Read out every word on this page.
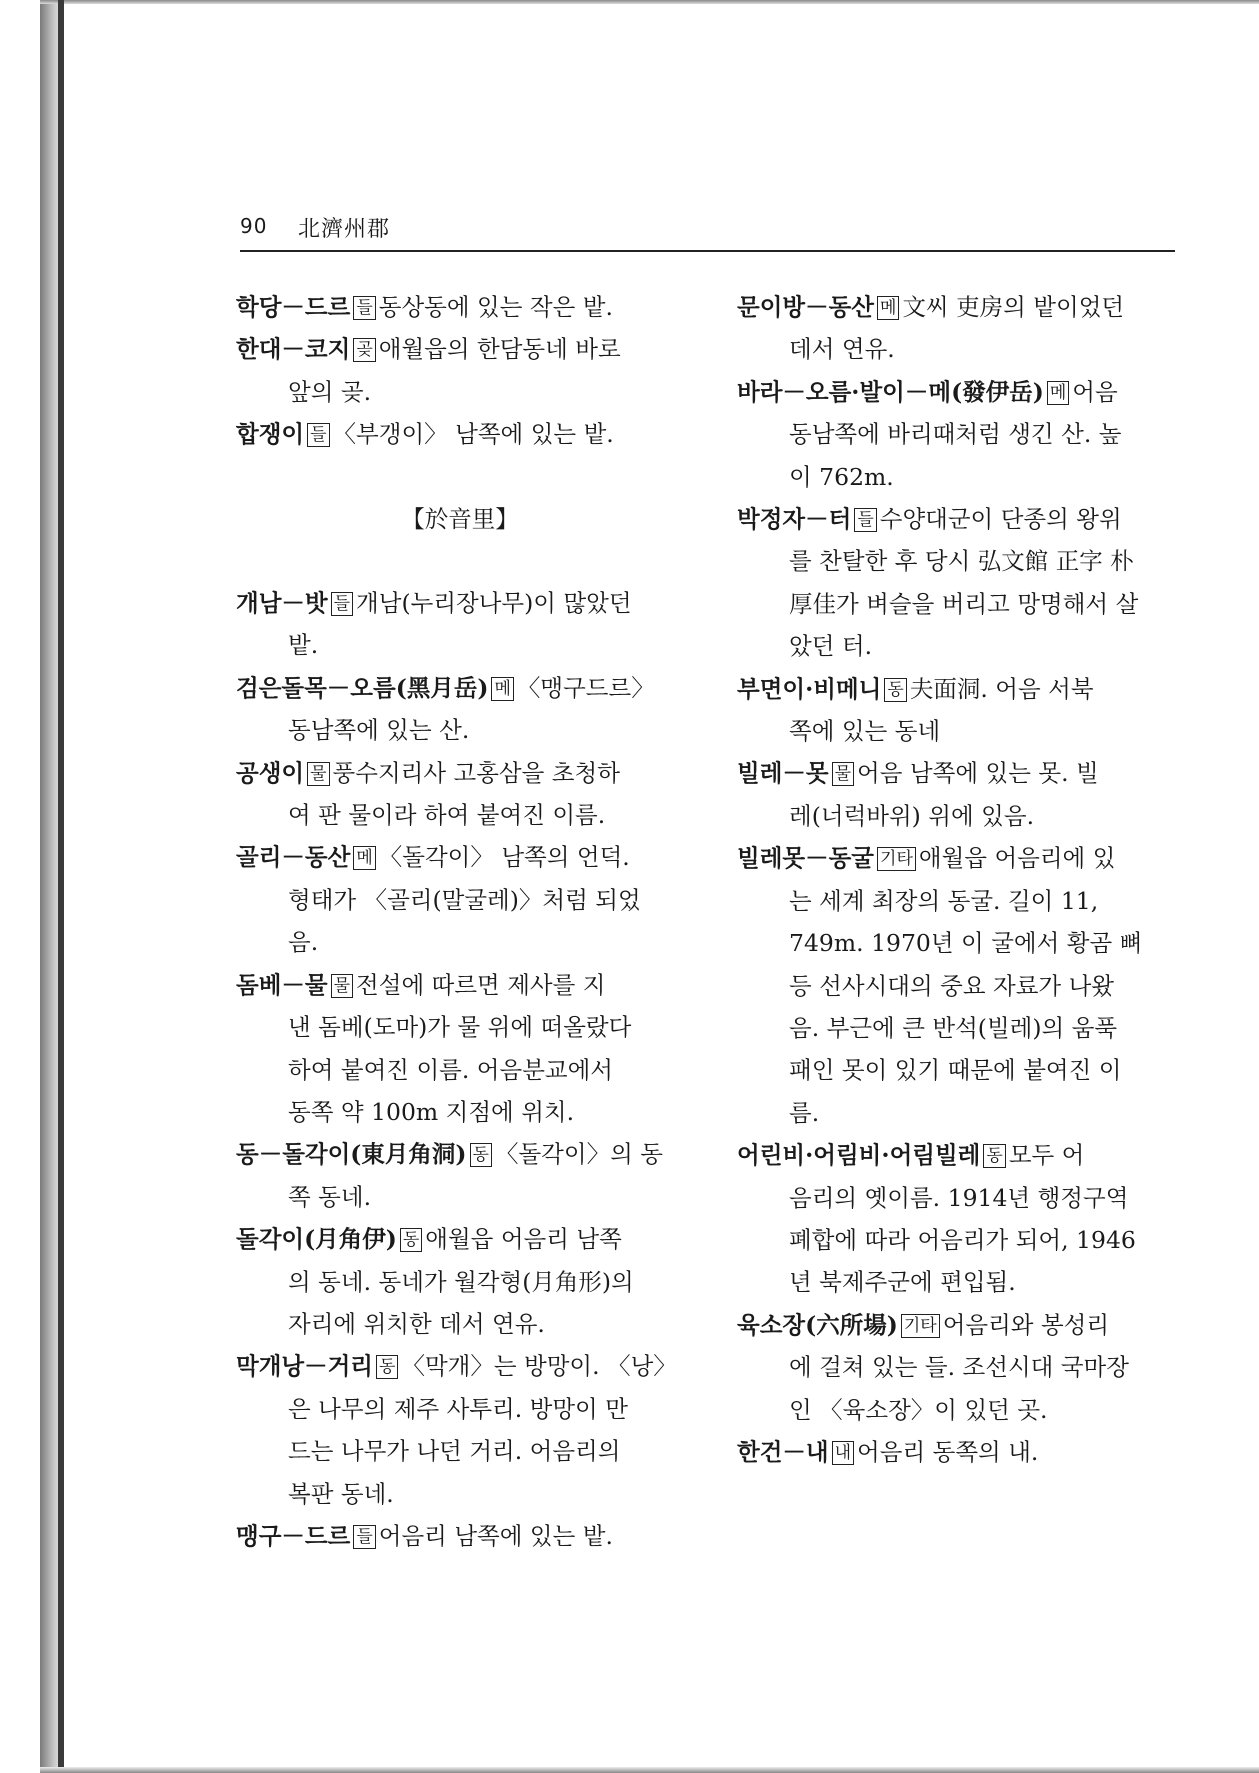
90 北濟州郡
학당－드르 들 동상동에 있는 작은 밭.
한대－코지 곶 애월읍의 한담동네 바로
앞의 곶.
합쟁이 들 〈부갱이〉 남쪽에 있는 밭.
【於音里】
개남－밧 들 개남(누리장나무)이 많았던
밭.
검은돌목－오름(黑月岳) 메 〈맹구드르〉
동남쪽에 있는 산.
공생이 물 풍수지리사 고홍삼을 초청하
여 판 물이라 하여 붙여진 이름.
골리－동산 메 〈돌각이〉 남쪽의 언덕.
형태가 〈골리(말굴레)〉처럼 되었
음.
돔베－물 물 전설에 따르면 제사를 지
낸 돔베(도마)가 물 위에 떠올랐다
하여 붙여진 이름. 어음분교에서
동쪽 약 100m 지점에 위치.
동－돌각이(東月角洞) 동 〈돌각이〉의 동
쪽 동네.
돌각이(月角伊) 동 애월읍 어음리 남쪽
의 동네. 동네가 월각형(月角形)의
자리에 위치한 데서 연유.
막개낭－거리 동 〈막개〉는 방망이. 〈낭〉
은 나무의 제주 사투리. 방망이 만
드는 나무가 나던 거리. 어음리의
복판 동네.
맹구－드르 들 어음리 남쪽에 있는 밭.
문이방－동산 메 文씨 吏房의 밭이었던
데서 연유.
바라－오름·발이－메(發伊岳) 메 어음
동남쪽에 바리때처럼 생긴 산. 높
이 762m.
박정자－터 들 수양대군이 단종의 왕위
를 찬탈한 후 당시 弘文館 正字 朴
厚佳가 벼슬을 버리고 망명해서 살
았던 터.
부면이·비메니 동 夫面洞. 어음 서북
쪽에 있는 동네
빌레－못 물 어음 남쪽에 있는 못. 빌
레(너럭바위) 위에 있음.
빌레못－동굴 기타 애월읍 어음리에 있
는 세계 최장의 동굴. 길이 11,
749m. 1970년 이 굴에서 황곰 뼈
등 선사시대의 중요 자료가 나왔
음. 부근에 큰 반석(빌레)의 움푹
패인 못이 있기 때문에 붙여진 이
름.
어린비·어림비·어림빌레 동 모두 어
음리의 옛이름. 1914년 행정구역
폐합에 따라 어음리가 되어, 1946
년 북제주군에 편입됨.
육소장(六所場) 기타 어음리와 봉성리
에 걸쳐 있는 들. 조선시대 국마장
인 〈육소장〉이 있던 곳.
한건－내 내 어음리 동쪽의 내.
